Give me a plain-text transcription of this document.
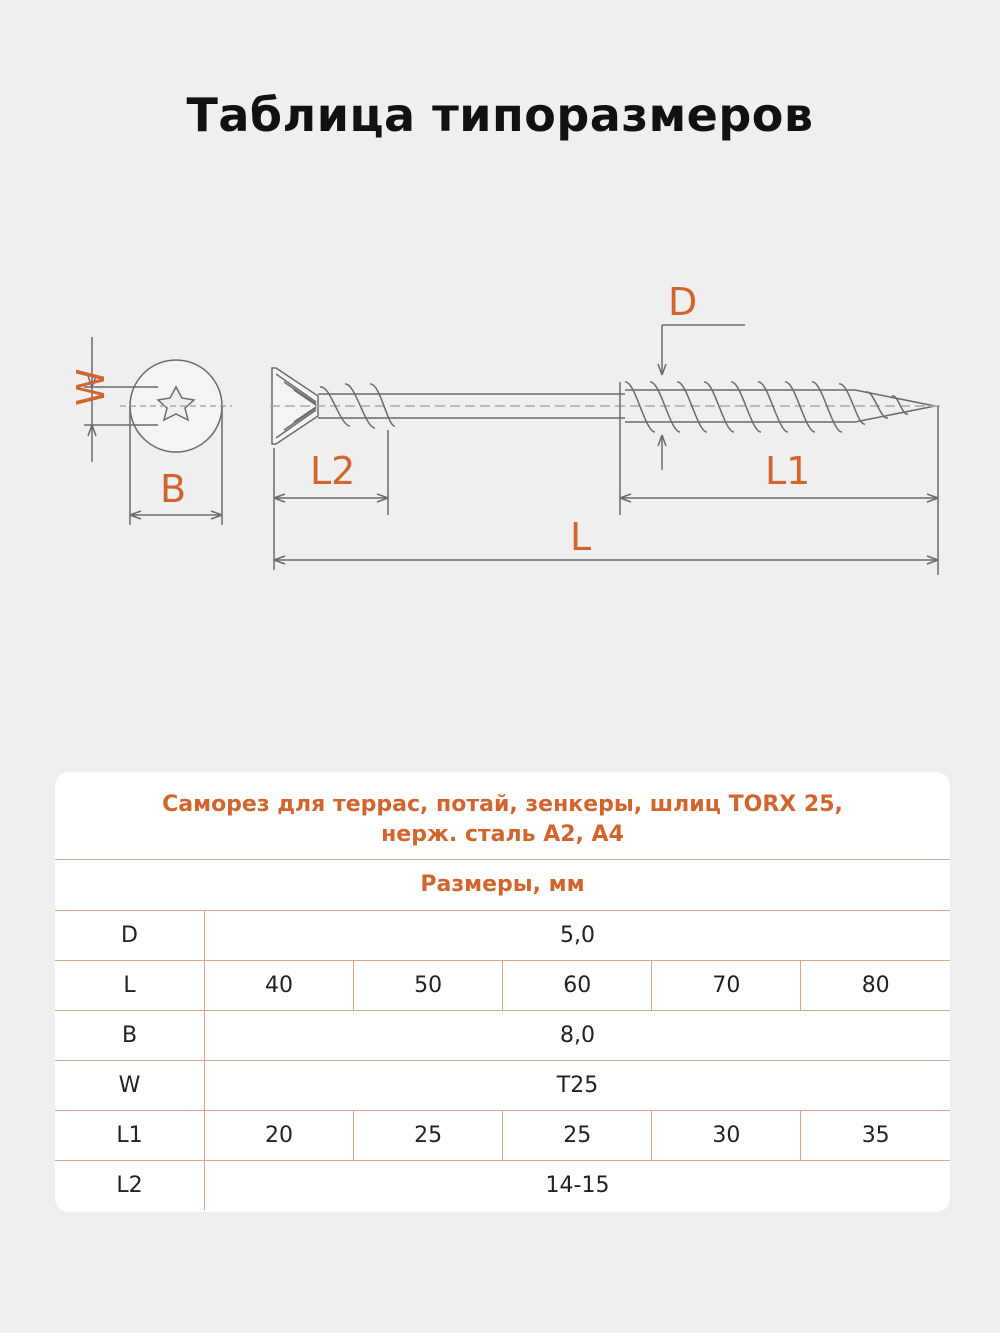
Таблица типоразмеров
D
W
B	L2	L1
L
Саморез для террас, потай, зенкеры, шлиц TORX 25,
нерж. сталь А2, А4
Размеры, мм
D	5,0				
L	40	50	60	70	80
B	8,0				
W	T25				
L1	20	25	25	30	35
L2	14-15				
